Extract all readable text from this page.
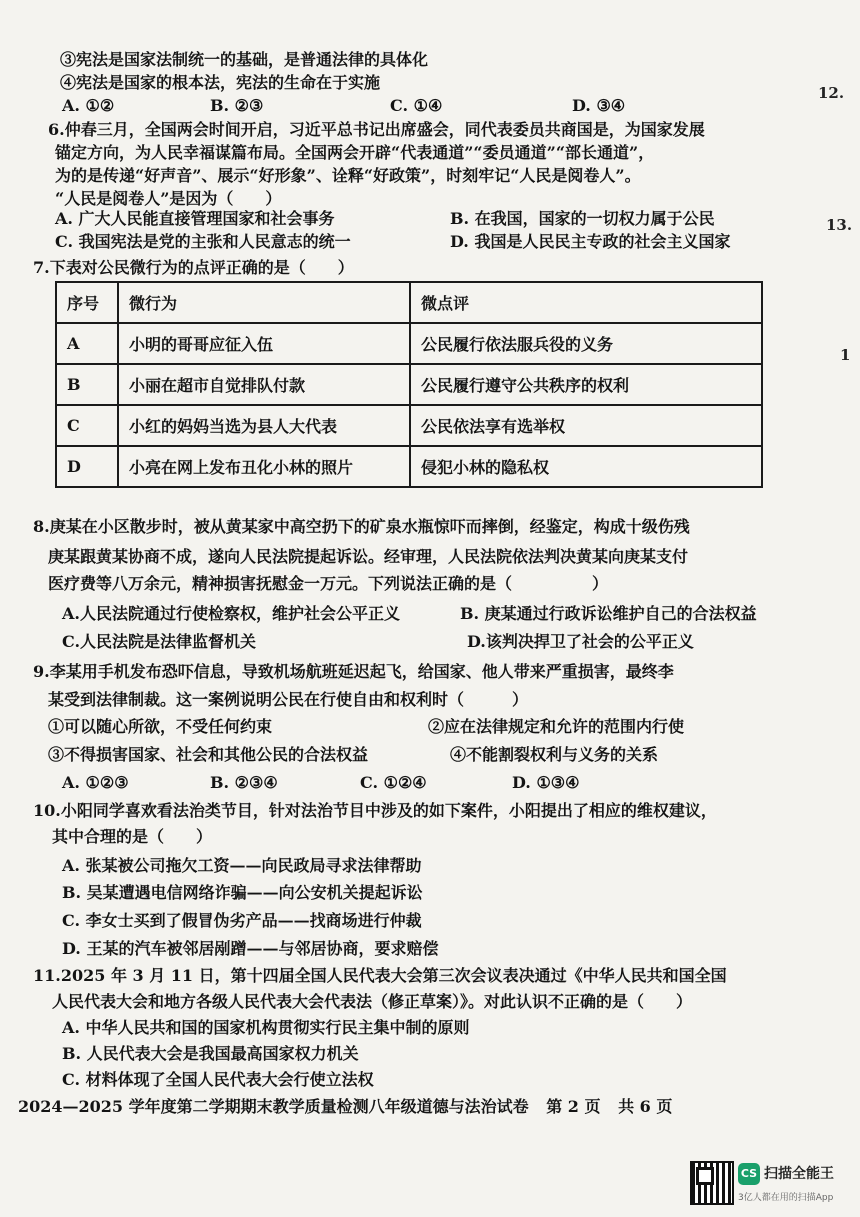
③宪法是国家法制统一的基础，是普通法律的具体化
④宪法是国家的根本法，宪法的生命在于实施
A. ①②	B. ②③	C. ①④	D. ③④
6.仲春三月，全国两会时间开启，习近平总书记出席盛会，同代表委员共商国是，为国家发展
锚定方向，为人民幸福谋篇布局。全国两会开辟“代表通道”“委员通道”“部长通道”，
为的是传递“好声音”、展示“好形象”、诠释“好政策”，时刻牢记“人民是阅卷人”。
“人民是阅卷人”是因为（　　）
A. 广大人民能直接管理国家和社会事务	B. 在我国，国家的一切权力属于公民
C. 我国宪法是党的主张和人民意志的统一	D. 我国是人民民主专政的社会主义国家
7.下表对公民微行为的点评正确的是（　　）
序号	微行为	微点评
A	小明的哥哥应征入伍	公民履行依法服兵役的义务
B	小丽在超市自觉排队付款	公民履行遵守公共秩序的权利
C	小红的妈妈当选为县人大代表	公民依法享有选举权
D	小亮在网上发布丑化小林的照片	侵犯小林的隐私权
8.庚某在小区散步时，被从黄某家中高空扔下的矿泉水瓶惊吓而摔倒，经鉴定，构成十级伤残
庚某跟黄某协商不成，遂向人民法院提起诉讼。经审理，人民法院依法判决黄某向庚某支付
医疗费等八万余元，精神损害抚慰金一万元。下列说法正确的是（　　　　　）
A.人民法院通过行使检察权，维护社会公平正义	B. 庚某通过行政诉讼维护自己的合法权益
C.人民法院是法律监督机关	D.该判决捍卫了社会的公平正义
9.李某用手机发布恐吓信息，导致机场航班延迟起飞，给国家、他人带来严重损害，最终李
某受到法律制裁。这一案例说明公民在行使自由和权利时（　　　）
①可以随心所欲，不受任何约束	②应在法律规定和允许的范围内行使
③不得损害国家、社会和其他公民的合法权益	④不能割裂权利与义务的关系
A. ①②③	B. ②③④	C. ①②④	D. ①③④
10.小阳同学喜欢看法治类节目，针对法治节目中涉及的如下案件，小阳提出了相应的维权建议，
其中合理的是（　　）
A. 张某被公司拖欠工资——向民政局寻求法律帮助
B. 吴某遭遇电信网络诈骗——向公安机关提起诉讼
C. 李女士买到了假冒伪劣产品——找商场进行仲裁
D. 王某的汽车被邻居剐蹭——与邻居协商，要求赔偿
11.2025 年 3 月 11 日，第十四届全国人民代表大会第三次会议表决通过《中华人民共和国全国
人民代表大会和地方各级人民代表大会代表法（修正草案）》。对此认识不正确的是（　　）
A. 中华人民共和国的国家机构贯彻实行民主集中制的原则
B. 人民代表大会是我国最高国家权力机关
C. 材料体现了全国人民代表大会行使立法权
2024—2025 学年度第二学期期末教学质量检测八年级道德与法治试卷 第 2 页 共 6 页
12.
13.
1
CS 扫描全能王
3亿人都在用的扫描App
